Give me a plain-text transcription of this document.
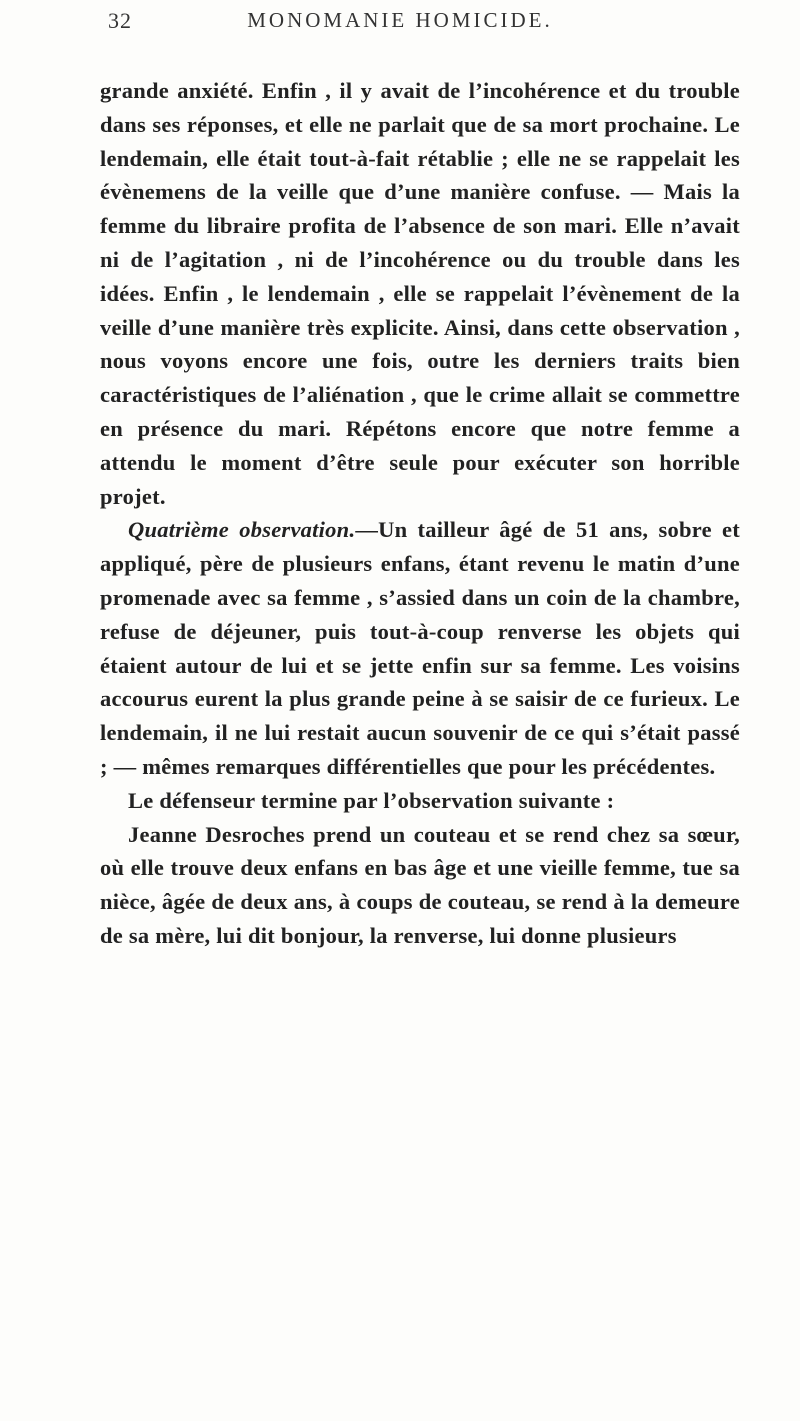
32	MONOMANIE HOMICIDE.

grande anxiété. Enfin , il y avait de l’incohérence et du trouble dans ses réponses, et elle ne parlait que de sa mort prochaine. Le lendemain, elle était tout-à-fait rétablie ; elle ne se rappelait les évènemens de la veille que d’une manière confuse. — Mais la femme du libraire profita de l’absence de son mari. Elle n’avait ni de l’agitation , ni de l’incohérence ou du trouble dans les idées. Enfin , le lendemain , elle se rappelait l’évènement de la veille d’une manière très explicite. Ainsi, dans cette observation , nous voyons encore une fois, outre les derniers traits bien caractéristiques de l’aliénation , que le crime allait se commettre en présence du mari. Répétons encore que notre femme a attendu le moment d’être seule pour exécuter son horrible projet.

Quatrième observation.—Un tailleur âgé de 51 ans, sobre et appliqué, père de plusieurs enfans, étant revenu le matin d’une promenade avec sa femme , s’assied dans un coin de la chambre, refuse de déjeuner, puis tout-à-coup renverse les objets qui étaient autour de lui et se jette enfin sur sa femme. Les voisins accourus eurent la plus grande peine à se saisir de ce furieux. Le lendemain, il ne lui restait aucun souvenir de ce qui s’était passé ; — mêmes remarques différentielles que pour les précédentes.

Le défenseur termine par l’observation suivante :

Jeanne Desroches prend un couteau et se rend chez sa sœur, où elle trouve deux enfans en bas âge et une vieille femme, tue sa nièce, âgée de deux ans, à coups de couteau, se rend à la demeure de sa mère, lui dit bonjour, la renverse, lui donne plusieurs
